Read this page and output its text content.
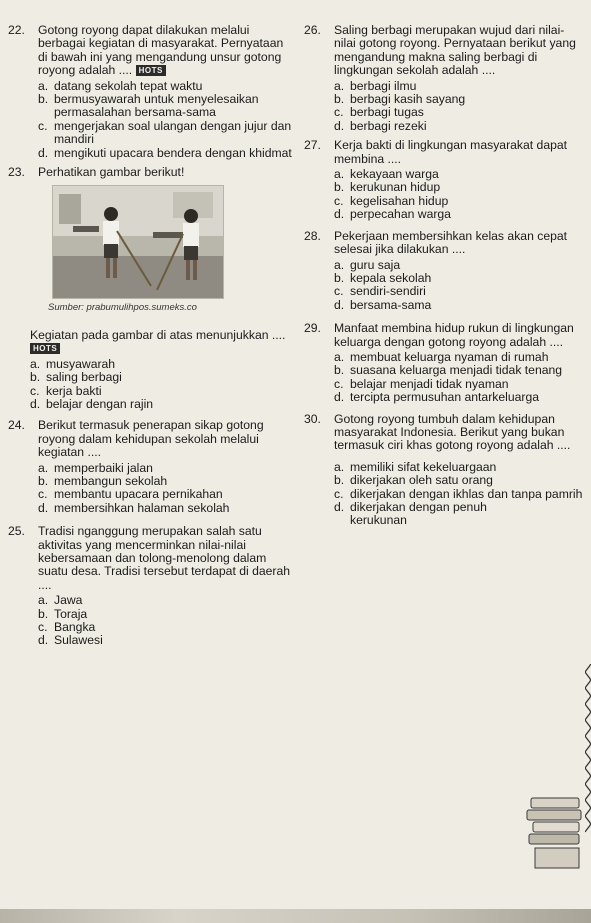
22. Gotong royong dapat dilakukan melalui berbagai kegiatan di masyarakat. Pernyataan di bawah ini yang mengandung unsur gotong royong adalah .... HOTS

a. datang sekolah tepat waktu
b. bermusyawarah untuk menyelesaikan permasalahan bersama-sama
c. mengerjakan soal ulangan dengan jujur dan mandiri
d. mengikuti upacara bendera dengan khidmat
23. Perhatikan gambar berikut!

Sumber: prabumulihpos.sumeks.co

Kegiatan pada gambar di atas menunjukkan .... HOTS

a. musyawarah
b. saling berbagi
c. kerja bakti
d. belajar dengan rajin
24. Berikut termasuk penerapan sikap gotong royong dalam kehidupan sekolah melalui kegiatan ....

a. memperbaiki jalan
b. membangun sekolah
c. membantu upacara pernikahan
d. membersihkan halaman sekolah
25. Tradisi nganggung merupakan salah satu aktivitas yang mencerminkan nilai-nilai kebersamaan dan tolong-menolong dalam suatu desa. Tradisi tersebut terdapat di daerah ....

a. Jawa
b. Toraja
c. Bangka
d. Sulawesi
26. Saling berbagi merupakan wujud dari nilai-nilai gotong royong. Pernyataan berikut yang mengandung makna saling berbagi di lingkungan sekolah adalah ....

a. berbagi ilmu
b. berbagi kasih sayang
c. berbagi tugas
d. berbagi rezeki
27. Kerja bakti di lingkungan masyarakat dapat membina ....

a. kekayaan warga
b. kerukunan hidup
c. kegelisahan hidup
d. perpecahan warga
28. Pekerjaan membersihkan kelas akan cepat selesai jika dilakukan ....

a. guru saja
b. kepala sekolah
c. sendiri-sendiri
d. bersama-sama
29. Manfaat membina hidup rukun di lingkungan keluarga dengan gotong royong adalah ....

a. membuat keluarga nyaman di rumah
b. suasana keluarga menjadi tidak tenang
c. belajar menjadi tidak nyaman
d. tercipta permusuhan antarkeluarga
30. Gotong royong tumbuh dalam kehidupan masyarakat Indonesia. Berikut yang bukan termasuk ciri khas gotong royong adalah ....

a. memiliki sifat kekeluargaan
b. dikerjakan oleh satu orang
c. dikerjakan dengan ikhlas dan tanpa pamrih
d. dikerjakan dengan penuh kerukunan
